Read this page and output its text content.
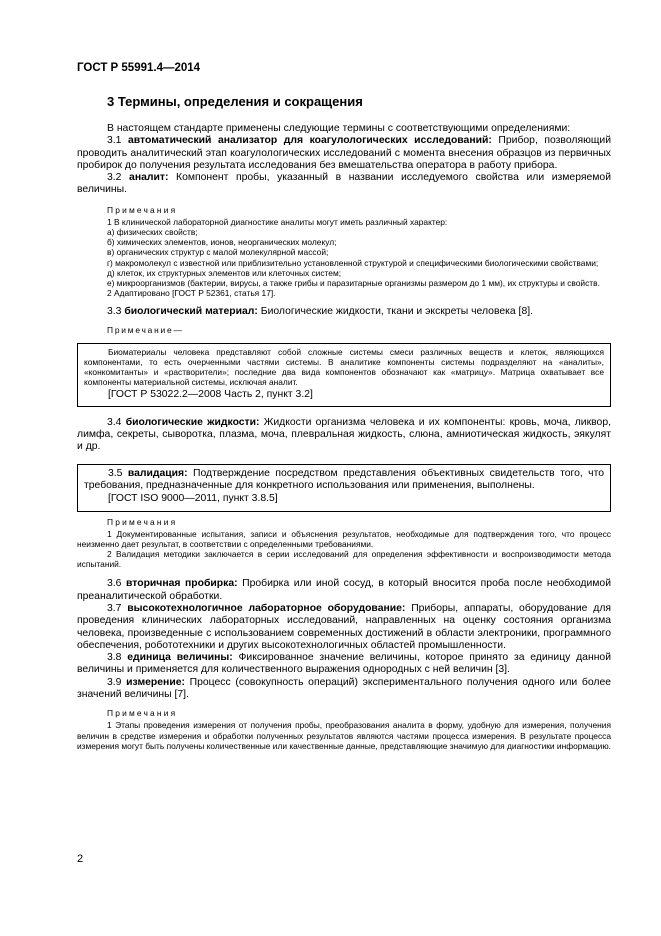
ГОСТ Р 55991.4—2014
3 Термины, определения и сокращения

В настоящем стандарте применены следующие термины с соответствующими определениями:

3.1 автоматический анализатор для коагулологических исследований: Прибор, позволяющий проводить аналитический этап коагулологических исследований с момента внесения образцов из первичных пробирок до получения результата исследования без вмешательства оператора в работу прибора.

3.2 аналит: Компонент пробы, указанный в названии исследуемого свойства или измеряемой величины.

Примечания

1 В клинической лабораторной диагностике аналиты могут иметь различный характер:

а) физических свойств;

б) химических элементов, ионов, неорганических молекул;

в) органических структур с малой молекулярной массой;

г) макромолекул с известной или приблизительно установленной структурой и специфическими биологическими свойствами;

д) клеток, их структурных элементов или клеточных систем;

е) микроорганизмов (бактерии, вирусы, а также грибы и паразитарные организмы размером до 1 мм), их структуры и свойств.

2 Адаптировано [ГОСТ Р 52361, статья 17].

3.3 биологический материал: Биологические жидкости, ткани и экскреты человека [8].

Примечание—

Биоматериалы человека представляют собой сложные системы смеси различных веществ и клеток, являющихся компонентами, то есть очерченными частями системы. В аналитике компоненты системы подразделяют на «аналиты», «конкомитанты» и «растворители»; последние два вида компонентов обозначают как «матрицу». Матрица охватывает все компоненты материальной системы, исключая аналит.

[ГОСТ Р 53022.2—2008 Часть 2, пункт 3.2]

3.4 биологические жидкости: Жидкости организма человека и их компоненты: кровь, моча, ликвор, лимфа, секреты, сыворотка, плазма, моча, плевральная жидкость, слюна, амниотическая жидкость, эякулят и др.

3.5 валидация: Подтверждение посредством представления объективных свидетельств того, что требования, предназначенные для конкретного использования или применения, выполнены.

[ГОСТ ISO 9000—2011, пункт 3.8.5]

Примечания

1 Документированные испытания, записи и объяснения результатов, необходимые для подтверждения того, что процесс неизменно дает результат, в соответствии с определенными требованиями.

2 Валидация методики заключается в серии исследований для определения эффективности и воспроизводимости метода испытаний.

3.6 вторичная пробирка: Пробирка или иной сосуд, в который вносится проба после необходимой преаналитической обработки.

3.7 высокотехнологичное лабораторное оборудование: Приборы, аппараты, оборудование для проведения клинических лабораторных исследований, направленных на оценку состояния организма человека, произведенные с использованием современных достижений в области электроники, программного обеспечения, робототехники и других высокотехнологичных областей промышленности.

3.8 единица величины: Фиксированное значение величины, которое принято за единицу данной величины и применяется для количественного выражения однородных с ней величин [3].

3.9 измерение: Процесс (совокупность операций) экспериментального получения одного или более значений величины [7].

Примечания

1 Этапы проведения измерения от получения пробы, преобразования аналита в форму, удобную для измерения, получения величин в средстве измерения и обработки полученных результатов являются частями процесса измерения. В результате процесса измерения могут быть получены количественные или качественные данные, представляющие значимую для диагностики информацию.

2
